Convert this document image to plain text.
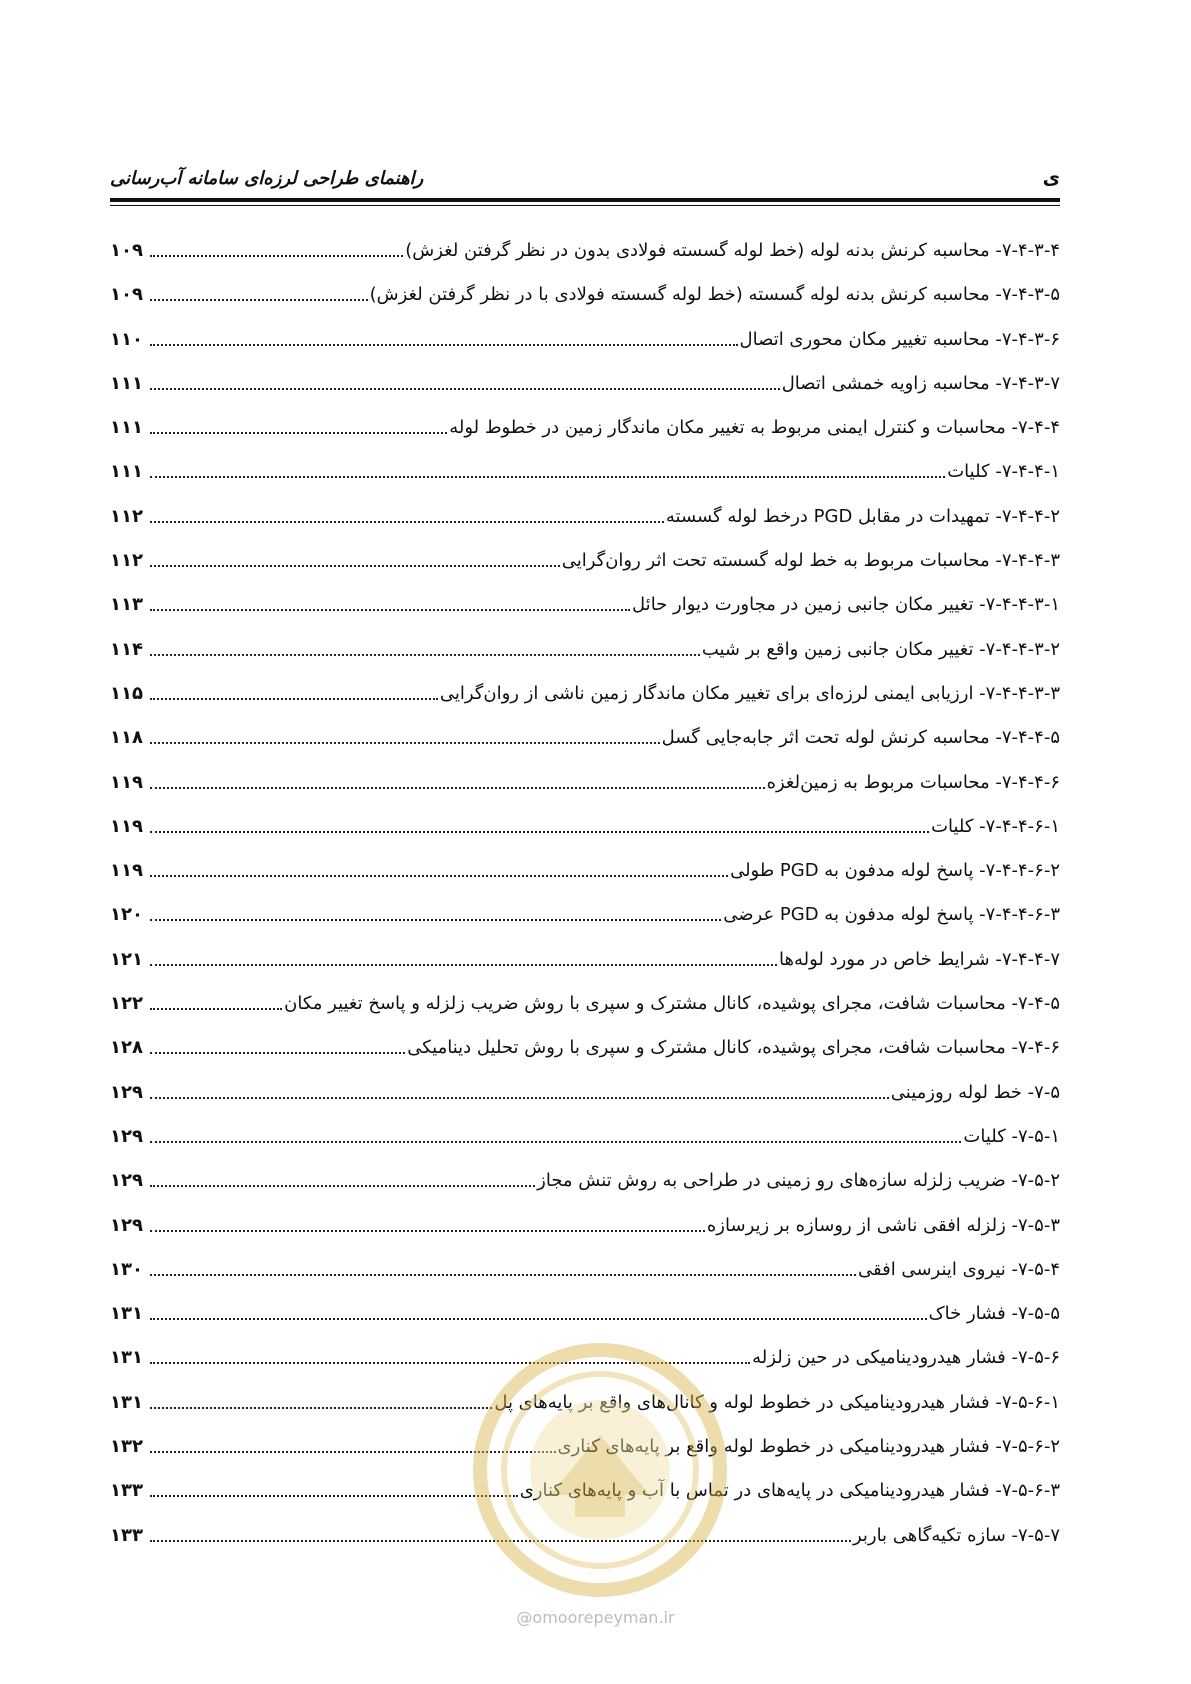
ی
راهنمای طراحی لرزه‌ای سامانه آب‌رسانی
۷-۴-۳-۴- محاسبه کرنش بدنه لوله (خط لوله گسسته فولادی بدون در نظر گرفتن لغزش)
۱۰۹
۷-۴-۳-۵- محاسبه کرنش بدنه لوله گسسته (خط لوله گسسته فولادی با در نظر گرفتن لغزش)
۱۰۹
۷-۴-۳-۶- محاسبه تغییر مکان محوری اتصال
۱۱۰
۷-۴-۳-۷- محاسبه زاویه خمشی اتصال
۱۱۱
۷-۴-۴- محاسبات و کنترل ایمنی مربوط به تغییر مکان ماندگار زمین در خطوط لوله
۱۱۱
۷-۴-۴-۱- کلیات
۱۱۱
۷-۴-۴-۲- تمهیدات در مقابل PGD درخط لوله گسسته
۱۱۲
۷-۴-۴-۳- محاسبات مربوط به خط لوله گسسته تحت اثر روان‌گرایی
۱۱۲
۷-۴-۴-۳-۱- تغییر مکان جانبی زمین در مجاورت دیوار حائل
۱۱۳
۷-۴-۴-۳-۲- تغییر مکان جانبی زمین واقع بر شیب
۱۱۴
۷-۴-۴-۳-۳- ارزیابی ایمنی لرزه‌ای برای تغییر مکان ماندگار زمین ناشی از روان‌گرایی
۱۱۵
۷-۴-۴-۵- محاسبه کرنش لوله تحت اثر جابه‌جایی گسل
۱۱۸
۷-۴-۴-۶- محاسبات مربوط به زمین‌لغزه
۱۱۹
۷-۴-۴-۶-۱- کلیات
۱۱۹
۷-۴-۴-۶-۲- پاسخ لوله مدفون به PGD طولی
۱۱۹
۷-۴-۴-۶-۳- پاسخ لوله مدفون به PGD عرضی
۱۲۰
۷-۴-۴-۷- شرایط خاص در مورد لوله‌ها
۱۲۱
۷-۴-۵- محاسبات شافت، مجرای پوشیده، کانال مشترک و سپری با روش ضریب زلزله و پاسخ تغییر مکان
۱۲۲
۷-۴-۶- محاسبات شافت، مجرای پوشیده، کانال مشترک و سپری با روش تحلیل دینامیکی
۱۲۸
۷-۵- خط لوله روزمینی
۱۲۹
۷-۵-۱- کلیات
۱۲۹
۷-۵-۲- ضریب زلزله سازه‌های رو زمینی در طراحی به روش تنش مجاز
۱۲۹
۷-۵-۳- زلزله افقی ناشی از روسازه بر زیرسازه
۱۲۹
۷-۵-۴- نیروی اینرسی افقی
۱۳۰
۷-۵-۵- فشار خاک
۱۳۱
۷-۵-۶- فشار هیدرودینامیکی در حین زلزله
۱۳۱
۷-۵-۶-۱- فشار هیدرودینامیکی در خطوط لوله و کانال‌های واقع بر پایه‌های پل
۱۳۱
۷-۵-۶-۲- فشار هیدرودینامیکی در خطوط لوله واقع بر پایه‌های کناری
۱۳۲
۷-۵-۶-۳- فشار هیدرودینامیکی در پایه‌های در تماس با آب و پایه‌های کناری
۱۳۳
۷-۵-۷- سازه تکیه‌گاهی باربر
۱۳۳
@omoorepeyman.ir
